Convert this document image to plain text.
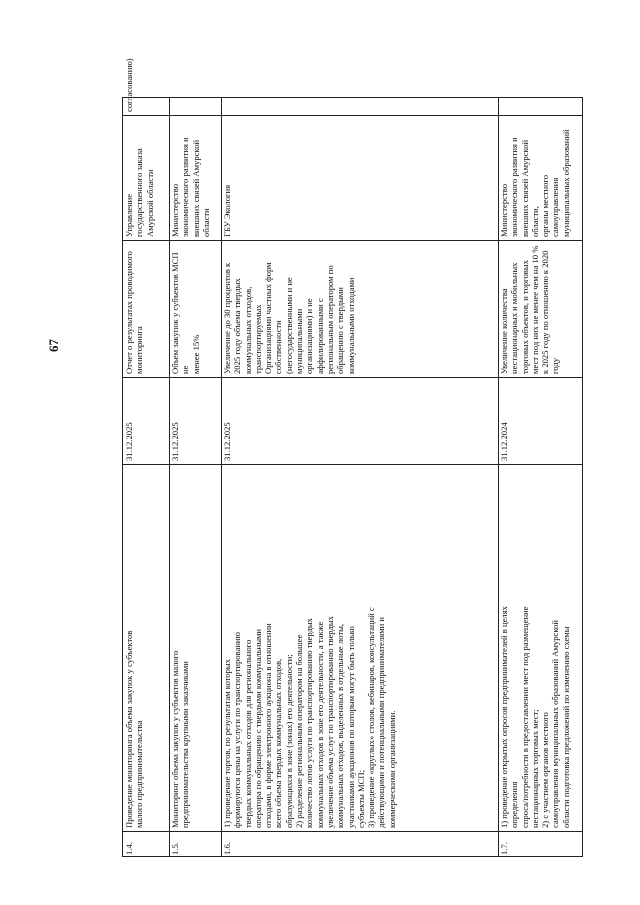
67
согласованию)
1.4.
Проведение мониторинга объема закупок у субъектов
малого предпринимательства
31.12.2025
Отчет о результатах проводимого
мониторинга
Управление
государственного заказа
Амурской области
1.5.
Мониторинг объема закупок у субъектов малого
предпринимательства крупными заказчиками
31.12.2025
Объем закупок у субъектов МСП не
менее 15%
Министерство
экономического развития и
внешних связей Амурской
области
1.6.
1) проведение торгов, по результатам которых
формируются цены на услуги по транспортированию
твердых коммунальных отходов для регионального
оператора по обращению с твердыми коммунальными
отходами, в форме электронного аукциона в отношении
всего объема твердых коммунальных отходов,
образующихся в зоне (зонах) его деятельности;
2) разделение региональным оператором на большее
количество лотов услуги по транспортированию твердых
коммунальных отходов в зоне его деятельности, а также
увеличение объема услуг по транспортированию твердых
коммунальных отходов, выделенных в отдельные лоты,
участниками аукционов по которым могут быть только
субъекты МСП;
3) проведение «круглых» столов, вебинаров, консультаций с
действующими и потенциальными предпринимателями и
коммерческими организациями.
31.12.2025
Увеличение до 30 процентов к
2025 году объема твердых
коммунальных отходов,
транспортируемых
Организациями частных форм
собственности
(негосударственными и не
муниципальными
организациями) и не
аффилированными с
региональным оператором по
обращению с твердыми
коммунальными отходами
ГБУ Экология
1.7.
1) проведение открытых опросов предпринимателей в целях
определения
спроса/потребности в предоставлении мест под размещение
нестационарных торговых мест;
2) с участием органов местного
самоуправления муниципальных образований Амурской
области подготовка предложений по изменению схемы
31.12.2024
Увеличение количества
нестационарных и мобильных
торговых объектов, и торговых
мест под них не менее чем на 10 %
к 2025 году по отношению к 2020
году
Министерство
экономического развития и
внешних связей Амурской
области,
органы местного
самоуправления
муниципальных образований
